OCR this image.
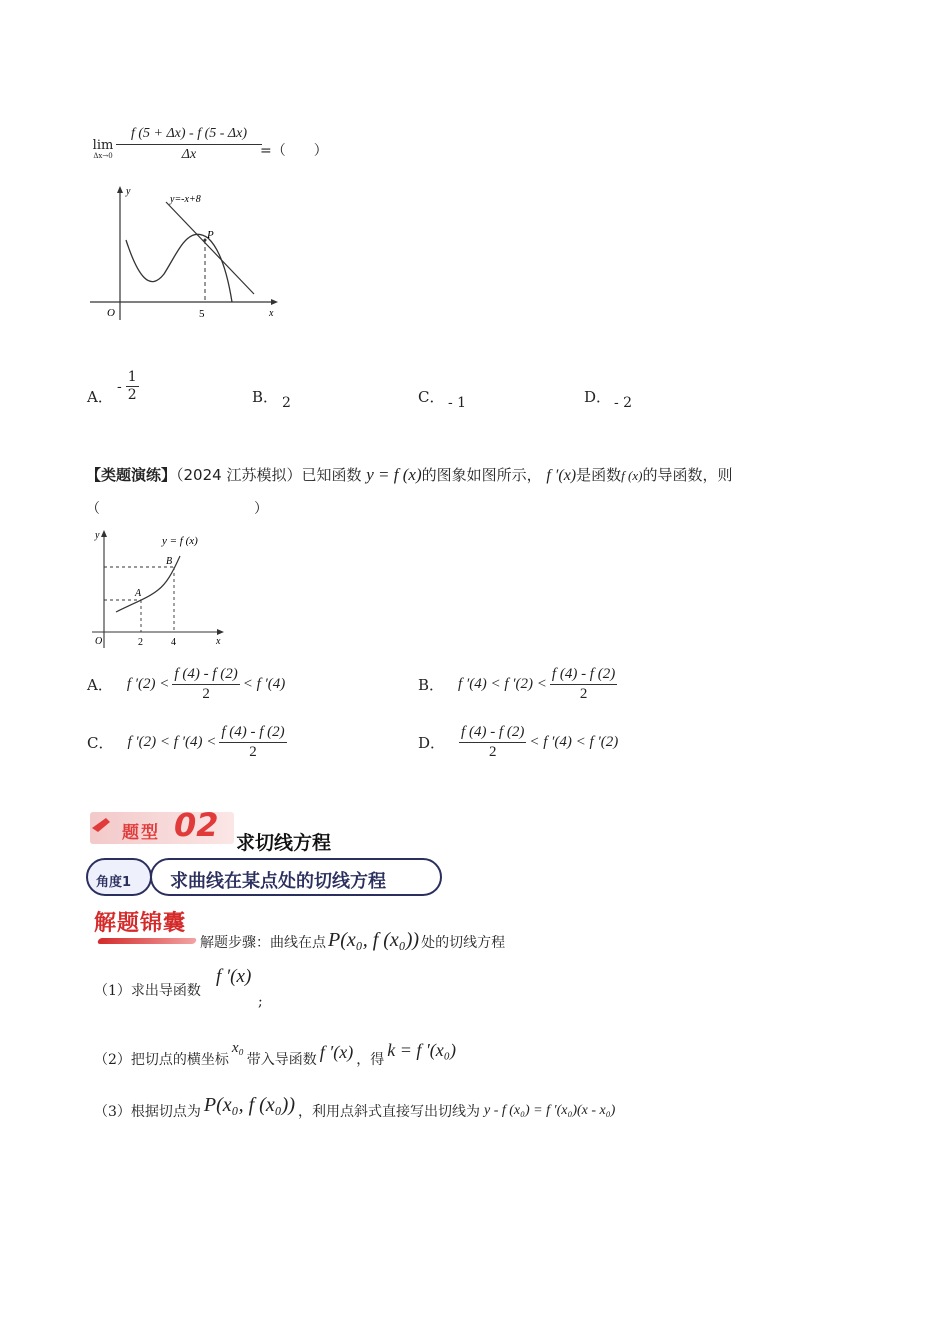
lim
$\Delta x\to 0 \frac{f (5 + \Delta x) - f (5 - \Delta x)}{\Delta x}$
=（　　）
y=-x+8
P
O	5	x
y
A．
- $\frac{1}{2}$	B． 2	C． - 1	D． - 2
【类题演练】（2024 江苏模拟）已知函数 y = f (x)的图象如图所示， f ′(x)是函数f (x)的导函数，则
（　　　　　　　　　　　）
y = f (x)
A
B
O	2	4	x
y
A． f $'(2) < \frac{f (4) - f (2)}{2} < f$ ′(4)	B． f ′(4) < f $'(2) < \frac{f (4) - f (2)}{2}$
C． f ′(2) < f $'(4) < \frac{f (4) - f (2)}{2}$	D． $\frac{f (4) - f (2)}{2} < f$ ′(4) < f ′(2)
题型 02 求切线方程
角度1 求曲线在某点处的切线方程
解题锦囊
解题步骤：曲线在点 P(x₀, f (x₀)) 处的切线方程
（1）求出导函数
f ′(x)
;
（2）把切点的横坐标
x₀
带入导函数 f ′(x) ，得 k = f ′(x₀)
（3）根据切点为 P(x₀, f (x₀)) ，利用点斜式直接写出切线为 y - f (x₀) = f ′(x₀)(x - x₀)
